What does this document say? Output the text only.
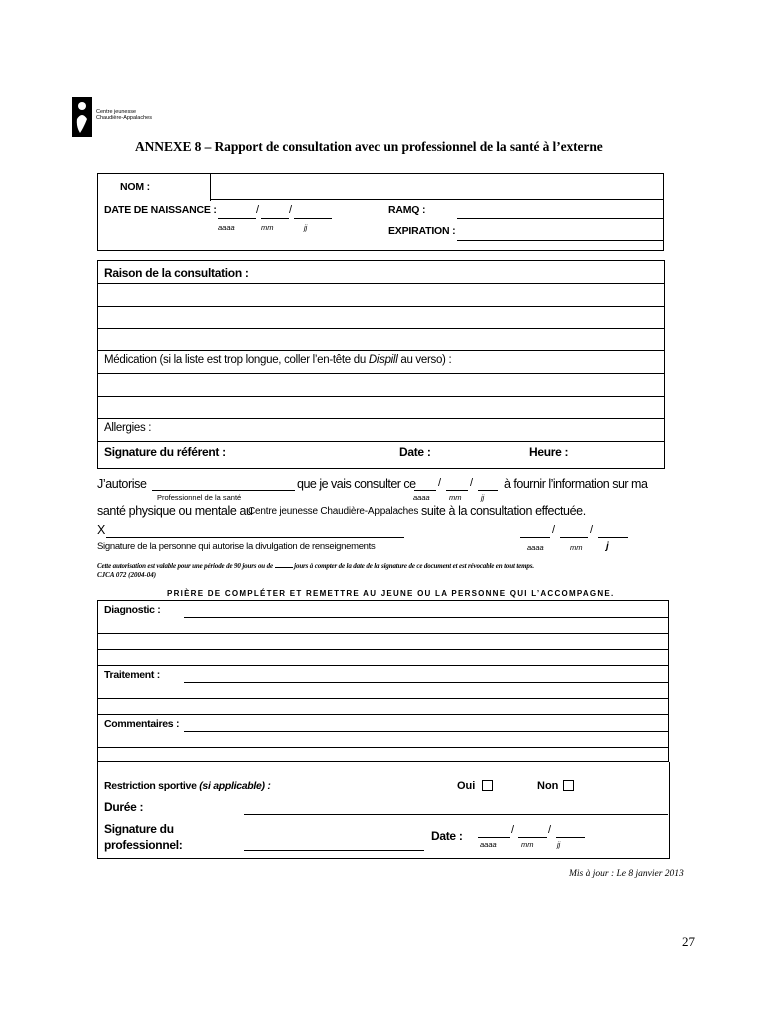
Centre jeunesse
Chaudière-Appalaches
ANNEXE 8 – Rapport de consultation avec un professionnel de la santé à l’externe
NOM :
DATE DE NAISSANCE :	/	/
aaaa	mm	jj
RAMQ :
EXPIRATION :
Raison de la consultation :
Médication (si la liste est trop longue, coller l’en-tête du Dispill au verso) :
Allergies :
Signature du référent :	Date :	Heure :
J’autorise	que je vais consulter ce /	/ à fournir l’information sur ma
Professionnel de la santé	aaaa	mm	jj
santé physique ou mentale au
Centre jeunesse Chaudière-Appalaches suite à la consultation effectuée.
X
Signature de la personne qui autorise la divulgation de renseignements
/	/
aaaa	mm j
Cette autorisation est valable pour une période de 90 jours ou de	jours à compter de la date de la signature de ce document et est révocable en tout temps.
CJCA 072 (2004-04)
PRIÈRE DE COMPLÉTER ET REMETTRE AU JEUNE OU LA PERSONNE QUI L’ACCOMPAGNE.
Diagnostic :
Traitement :
Commentaires :
Restriction sportive (si applicable) :	Oui	Non
Durée :
Signature du
professionnel:
Date :	/	/
aaaa	mm	jj
Mis à jour : Le 8 janvier 2013
27
